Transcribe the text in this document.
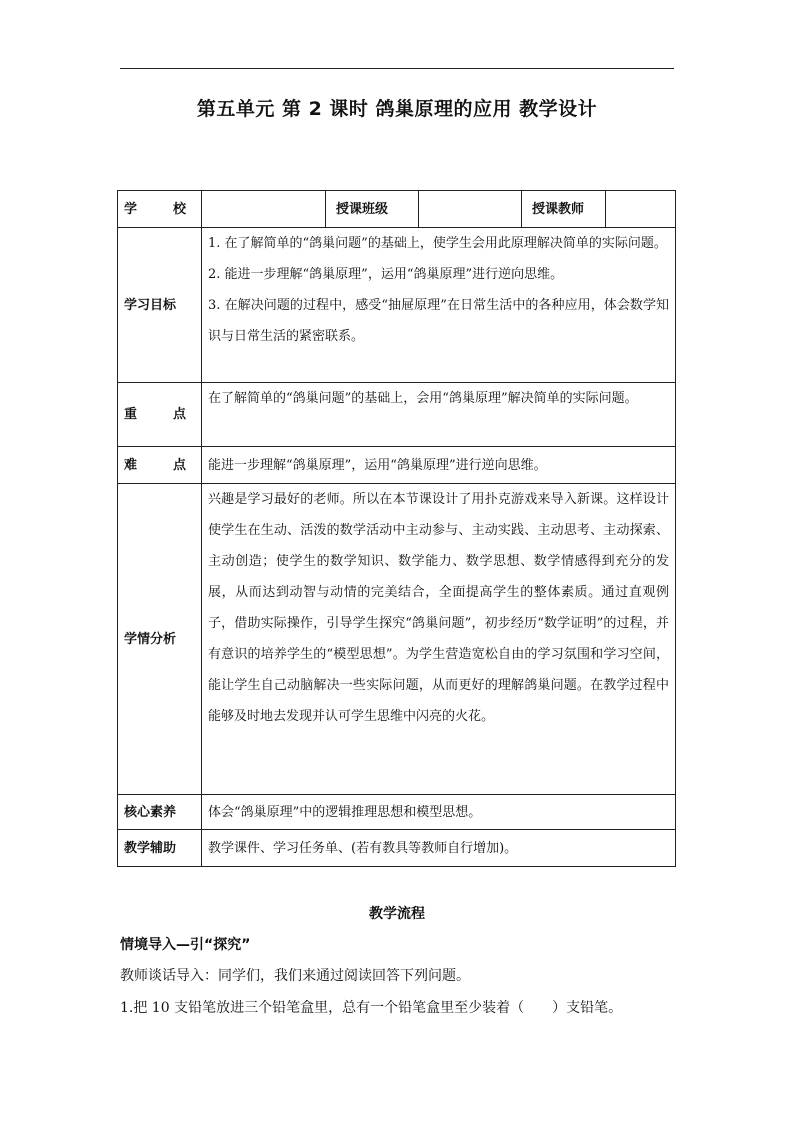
第五单元 第 2 课时 鸽巢原理的应用 教学设计
学 校		授课班级		授课教师	
学习目标	1. 在了解简单的“鸽巢问题”的基础上，使学生会用此原理解决简单的实际问题。

2. 能进一步理解“鸽巢原理”，运用“鸽巢原理”进行逆向思维。

3. 在解决问题的过程中，感受“抽屉原理”在日常生活中的各种应用，体会数学知识与日常生活的紧密联系。				

重 点	在了解简单的“鸽巢问题”的基础上，会用“鸽巢原理”解决简单的实际问题。				

难 点	能进一步理解“鸽巢原理”，运用“鸽巢原理”进行逆向思维。				
学情分析	兴趣是学习最好的老师。所以在本节课设计了用扑克游戏来导入新课。这样设计使学生在生动、活泼的数学活动中主动参与、主动实践、主动思考、主动探索、主动创造；使学生的数学知识、数学能力、数学思想、数学情感得到充分的发展，从而达到动智与动情的完美结合，全面提高学生的整体素质。通过直观例子，借助实际操作，引导学生探究“鸽巢问题”，初步经历“数学证明”的过程，并有意识的培养学生的“模型思想”。为学生营造宽松自由的学习氛围和学习空间，能让学生自己动脑解决一些实际问题，从而更好的理解鸽巢问题。在教学过程中能够及时地去发现并认可学生思维中闪亮的火花。				
核心素养	体会“鸽巢原理”中的逻辑推理思想和模型思想。				
教学辅助	教学课件、学习任务单、(若有教具等教师自行增加)。				
教学流程
情境导入—引“探究”
教师谈话导入：同学们，我们来通过阅读回答下列问题。
1.把 10 支铅笔放进三个铅笔盒里，总有一个铅笔盒里至少装着（　　）支铅笔。
